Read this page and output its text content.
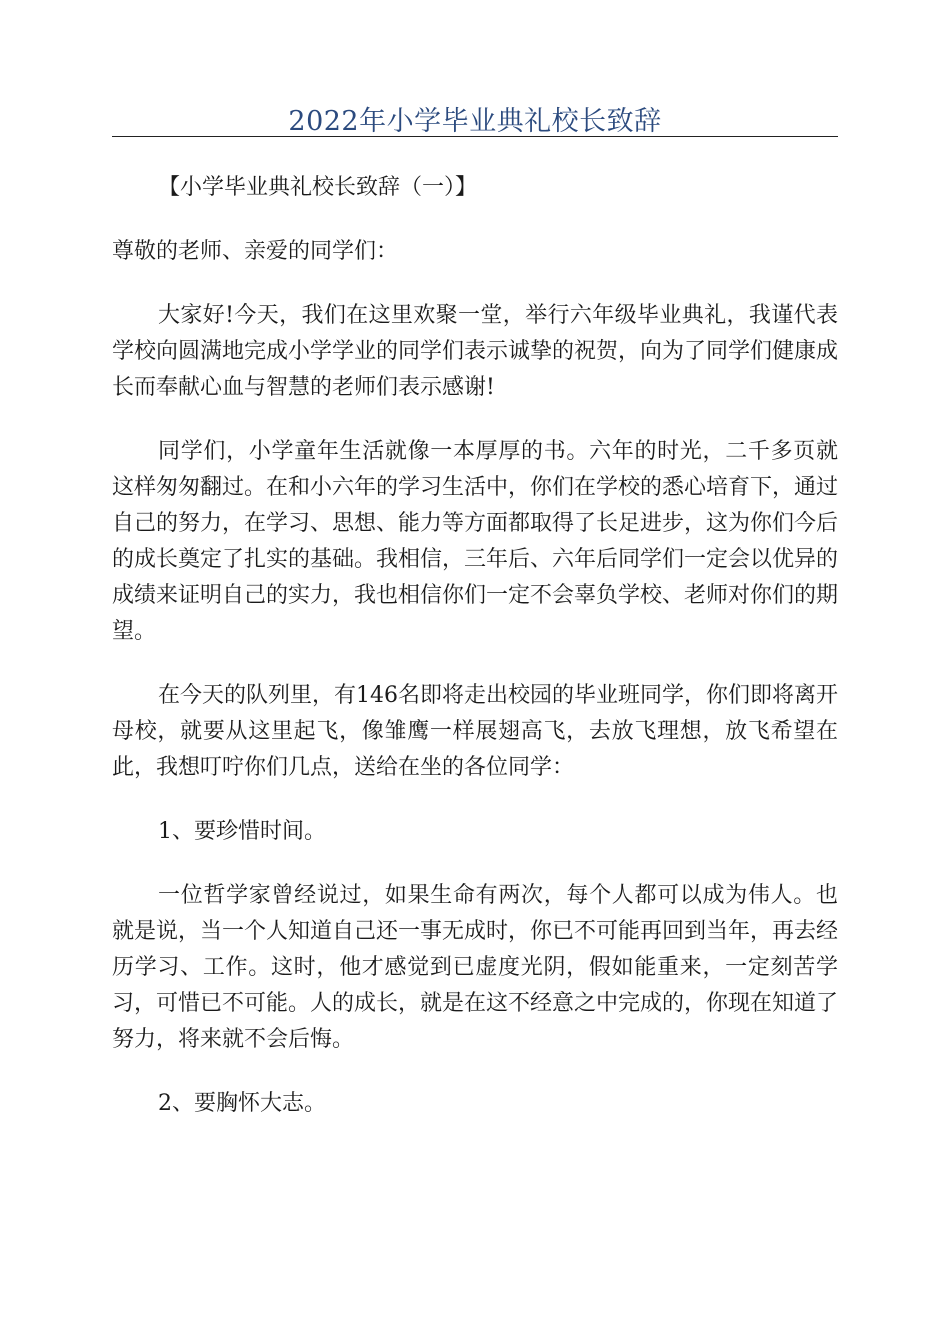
2022年小学毕业典礼校长致辞

【小学毕业典礼校长致辞（一）】

尊敬的老师、亲爱的同学们：

大家好!今天，我们在这里欢聚一堂，举行六年级毕业典礼，我谨代表学校向圆满地完成小学学业的同学们表示诚挚的祝贺，向为了同学们健康成长而奉献心血与智慧的老师们表示感谢!

同学们，小学童年生活就像一本厚厚的书。六年的时光，二千多页就这样匆匆翻过。在和小六年的学习生活中，你们在学校的悉心培育下，通过自己的努力，在学习、思想、能力等方面都取得了长足进步，这为你们今后的成长奠定了扎实的基础。我相信，三年后、六年后同学们一定会以优异的成绩来证明自己的实力，我也相信你们一定不会辜负学校、老师对你们的期望。

在今天的队列里，有146名即将走出校园的毕业班同学，你们即将离开母校，就要从这里起飞，像雏鹰一样展翅高飞，去放飞理想，放飞希望在此，我想叮咛你们几点，送给在坐的各位同学：

1、要珍惜时间。

一位哲学家曾经说过，如果生命有两次，每个人都可以成为伟人。也就是说，当一个人知道自己还一事无成时，你已不可能再回到当年，再去经历学习、工作。这时，他才感觉到已虚度光阴，假如能重来，一定刻苦学习，可惜已不可能。人的成长，就是在这不经意之中完成的，你现在知道了努力，将来就不会后悔。

2、要胸怀大志。
